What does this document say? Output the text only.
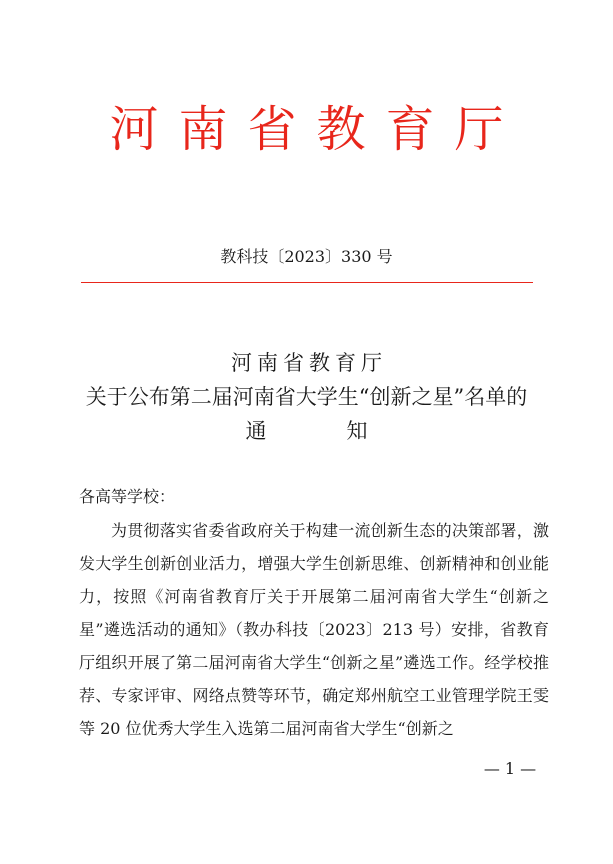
河南省教育厅
教科技〔2023〕330 号
河南省教育厅
关于公布第二届河南省大学生“创新之星”名单的
通知
各高等学校：

为贯彻落实省委省政府关于构建一流创新生态的决策部署，激发大学生创新创业活力，增强大学生创新思维、创新精神和创业能力，按照《河南省教育厅关于开展第二届河南省大学生“创新之星”遴选活动的通知》（教办科技〔2023〕213 号）安排，省教育厅组织开展了第二届河南省大学生“创新之星”遴选工作。经学校推荐、专家评审、网络点赞等环节，确定郑州航空工业管理学院王雯等 20 位优秀大学生入选第二届河南省大学生“创新之

— 1 —
